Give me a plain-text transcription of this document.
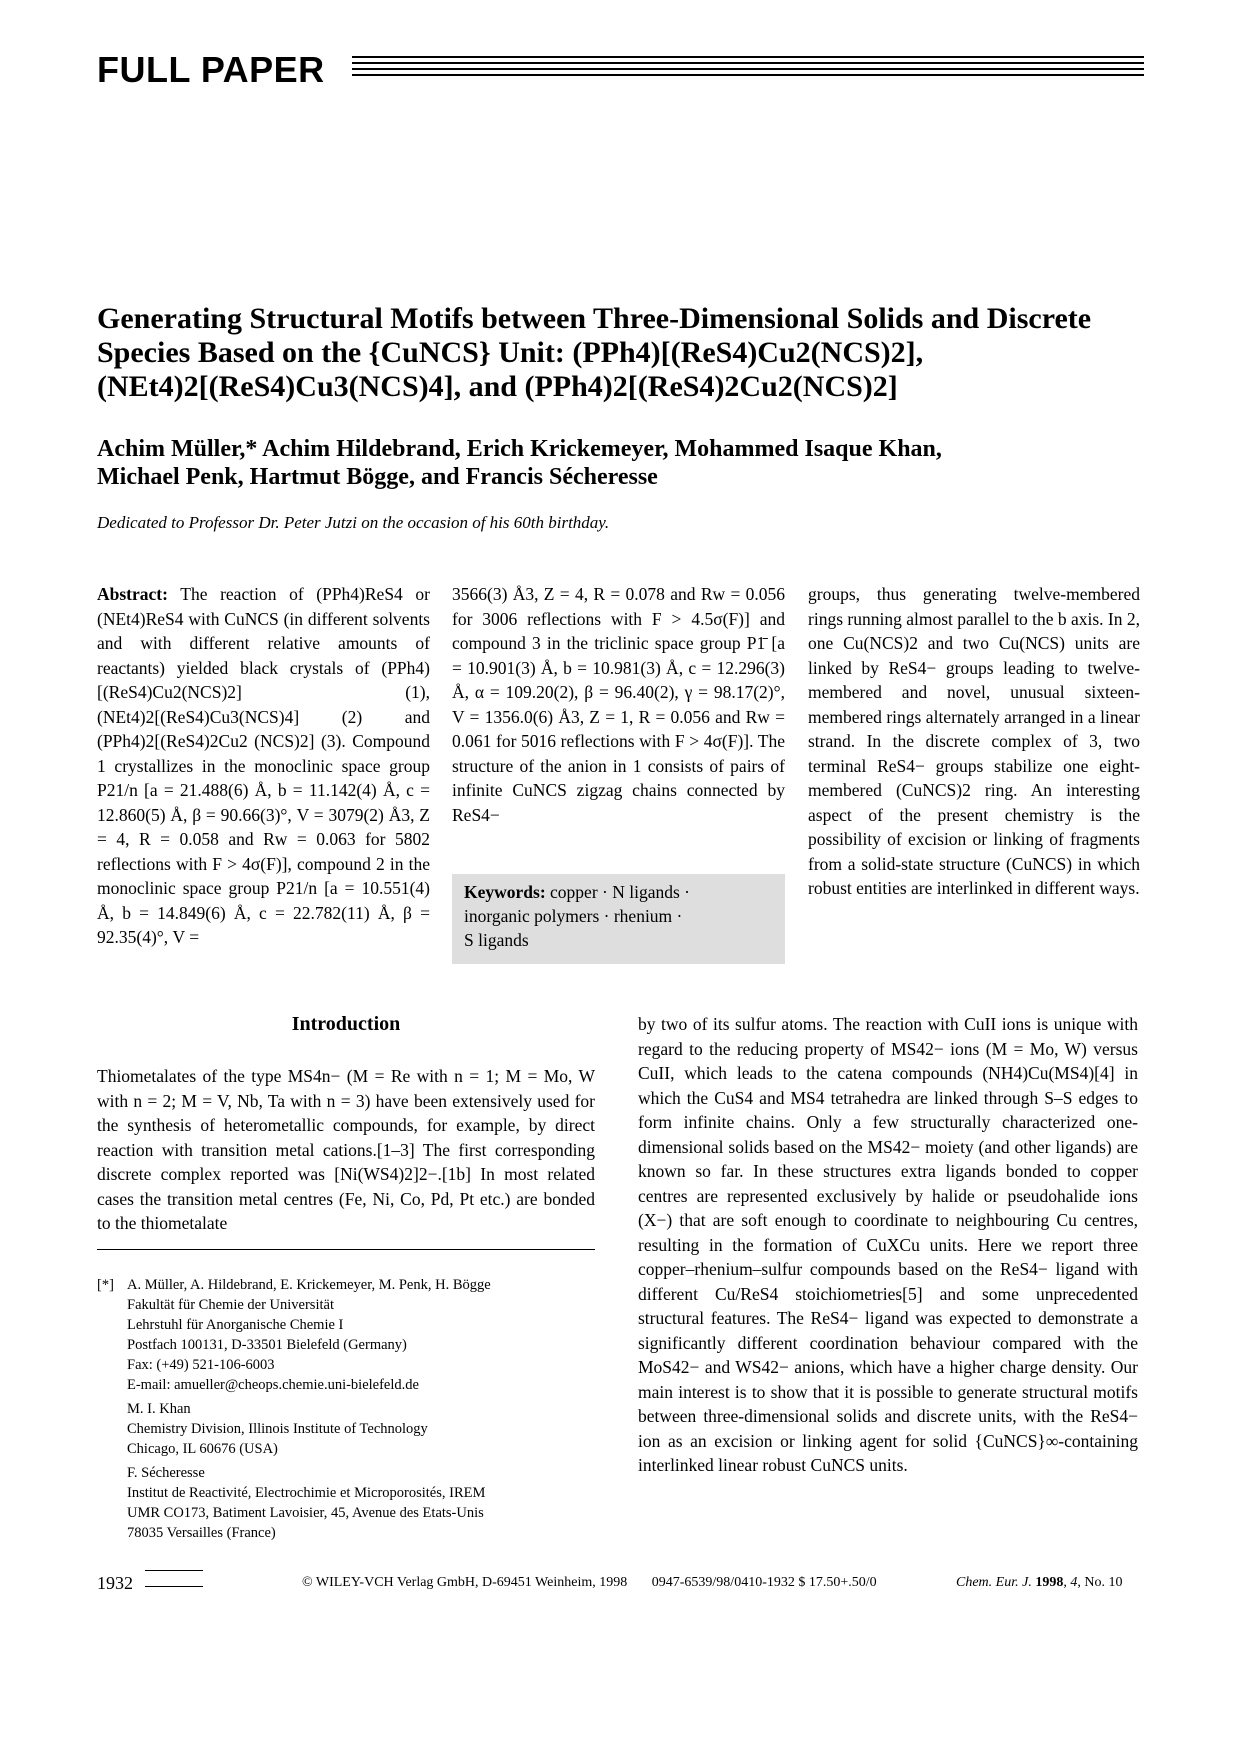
FULL PAPER
Generating Structural Motifs between Three-Dimensional Solids and Discrete
Species Based on the {CuNCS} Unit: (PPh4)[(ReS4)Cu2(NCS)2],
(NEt4)2[(ReS4)Cu3(NCS)4], and (PPh4)2[(ReS4)2Cu2(NCS)2]
Achim Müller,* Achim Hildebrand, Erich Krickemeyer, Mohammed Isaque Khan,
Michael Penk, Hartmut Bögge, and Francis Sécheresse
Dedicated to Professor Dr. Peter Jutzi on the occasion of his 60th birthday.
Abstract: The reaction of (PPh4)ReS4 or (NEt4)ReS4 with CuNCS (in different solvents and with different relative amounts of reactants) yielded black crystals of (PPh4)[(ReS4)Cu2(NCS)2] (1), (NEt4)2[(ReS4)Cu3(NCS)4] (2) and (PPh4)2[(ReS4)2Cu2 (NCS)2] (3). Compound 1 crystallizes in the monoclinic space group P21/n [a = 21.488(6) Å, b = 11.142(4) Å, c = 12.860(5) Å, β = 90.66(3)°, V = 3079(2) Å3, Z = 4, R = 0.058 and Rw = 0.063 for 5802 reflections with F > 4σ(F)], compound 2 in the monoclinic space group P21/n [a = 10.551(4) Å, b = 14.849(6) Å, c = 22.782(11) Å, β = 92.35(4)°, V =
3566(3) Å3, Z = 4, R = 0.078 and Rw = 0.056 for 3006 reflections with F > 4.5σ(F)] and compound 3 in the triclinic space group P1̄ [a = 10.901(3) Å, b = 10.981(3) Å, c = 12.296(3) Å, α = 109.20(2), β = 96.40(2), γ = 98.17(2)°, V = 1356.0(6) Å3, Z = 1, R = 0.056 and Rw = 0.061 for 5016 reflections with F > 4σ(F)]. The structure of the anion in 1 consists of pairs of infinite CuNCS zigzag chains connected by ReS4−
groups, thus generating twelve-membered rings running almost parallel to the b axis. In 2, one Cu(NCS)2 and two Cu(NCS) units are linked by ReS4− groups leading to twelve-membered and novel, unusual sixteen-membered rings alternately arranged in a linear strand. In the discrete complex of 3, two terminal ReS4− groups stabilize one eight-membered (CuNCS)2 ring. An interesting aspect of the present chemistry is the possibility of excision or linking of fragments from a solid-state structure (CuNCS) in which robust entities are interlinked in different ways.
Keywords: copper · N ligands ·
inorganic polymers · rhenium ·
S ligands
Introduction
Thiometalates of the type MS4n− (M = Re with n = 1; M = Mo, W with n = 2; M = V, Nb, Ta with n = 3) have been extensively used for the synthesis of heterometallic compounds, for example, by direct reaction with transition metal cations.[1–3] The first corresponding discrete complex reported was [Ni(WS4)2]2−.[1b] In most related cases the transition metal centres (Fe, Ni, Co, Pd, Pt etc.) are bonded to the thiometalate
by two of its sulfur atoms. The reaction with CuII ions is unique with regard to the reducing property of MS42− ions (M = Mo, W) versus CuII, which leads to the catena compounds (NH4)Cu(MS4)[4] in which the CuS4 and MS4 tetrahedra are linked through S–S edges to form infinite chains. Only a few structurally characterized one-dimensional solids based on the MS42− moiety (and other ligands) are known so far. In these structures extra ligands bonded to copper centres are represented exclusively by halide or pseudohalide ions (X−) that are soft enough to coordinate to neighbouring Cu centres, resulting in the formation of CuXCu units. Here we report three copper–rhenium–sulfur compounds based on the ReS4− ligand with different Cu/ReS4 stoichiometries[5] and some unprecedented structural features. The ReS4− ligand was expected to demonstrate a significantly different coordination behaviour compared with the MoS42− and WS42− anions, which have a higher charge density. Our main interest is to show that it is possible to generate structural motifs between three-dimensional solids and discrete units, with the ReS4− ion as an excision or linking agent for solid {CuNCS}∞-containing interlinked linear robust CuNCS units.
[*] A. Müller, A. Hildebrand, E. Krickemeyer, M. Penk, H. Bögge
Fakultät für Chemie der Universität
Lehrstuhl für Anorganische Chemie I
Postfach 100131, D-33501 Bielefeld (Germany)
Fax: (+49) 521-106-6003
E-mail: amueller@cheops.chemie.uni-bielefeld.de
M. I. Khan
Chemistry Division, Illinois Institute of Technology
Chicago, IL 60676 (USA)
F. Sécheresse
Institut de Reactivité, Electrochimie et Microporosités, IREM
UMR CO173, Batiment Lavoisier, 45, Avenue des Etats-Unis
78035 Versailles (France)
1932	© WILEY-VCH Verlag GmbH, D-69451 Weinheim, 1998 0947-6539/98/0410-1932 $ 17.50+.50/0	Chem. Eur. J. 1998, 4, No. 10
